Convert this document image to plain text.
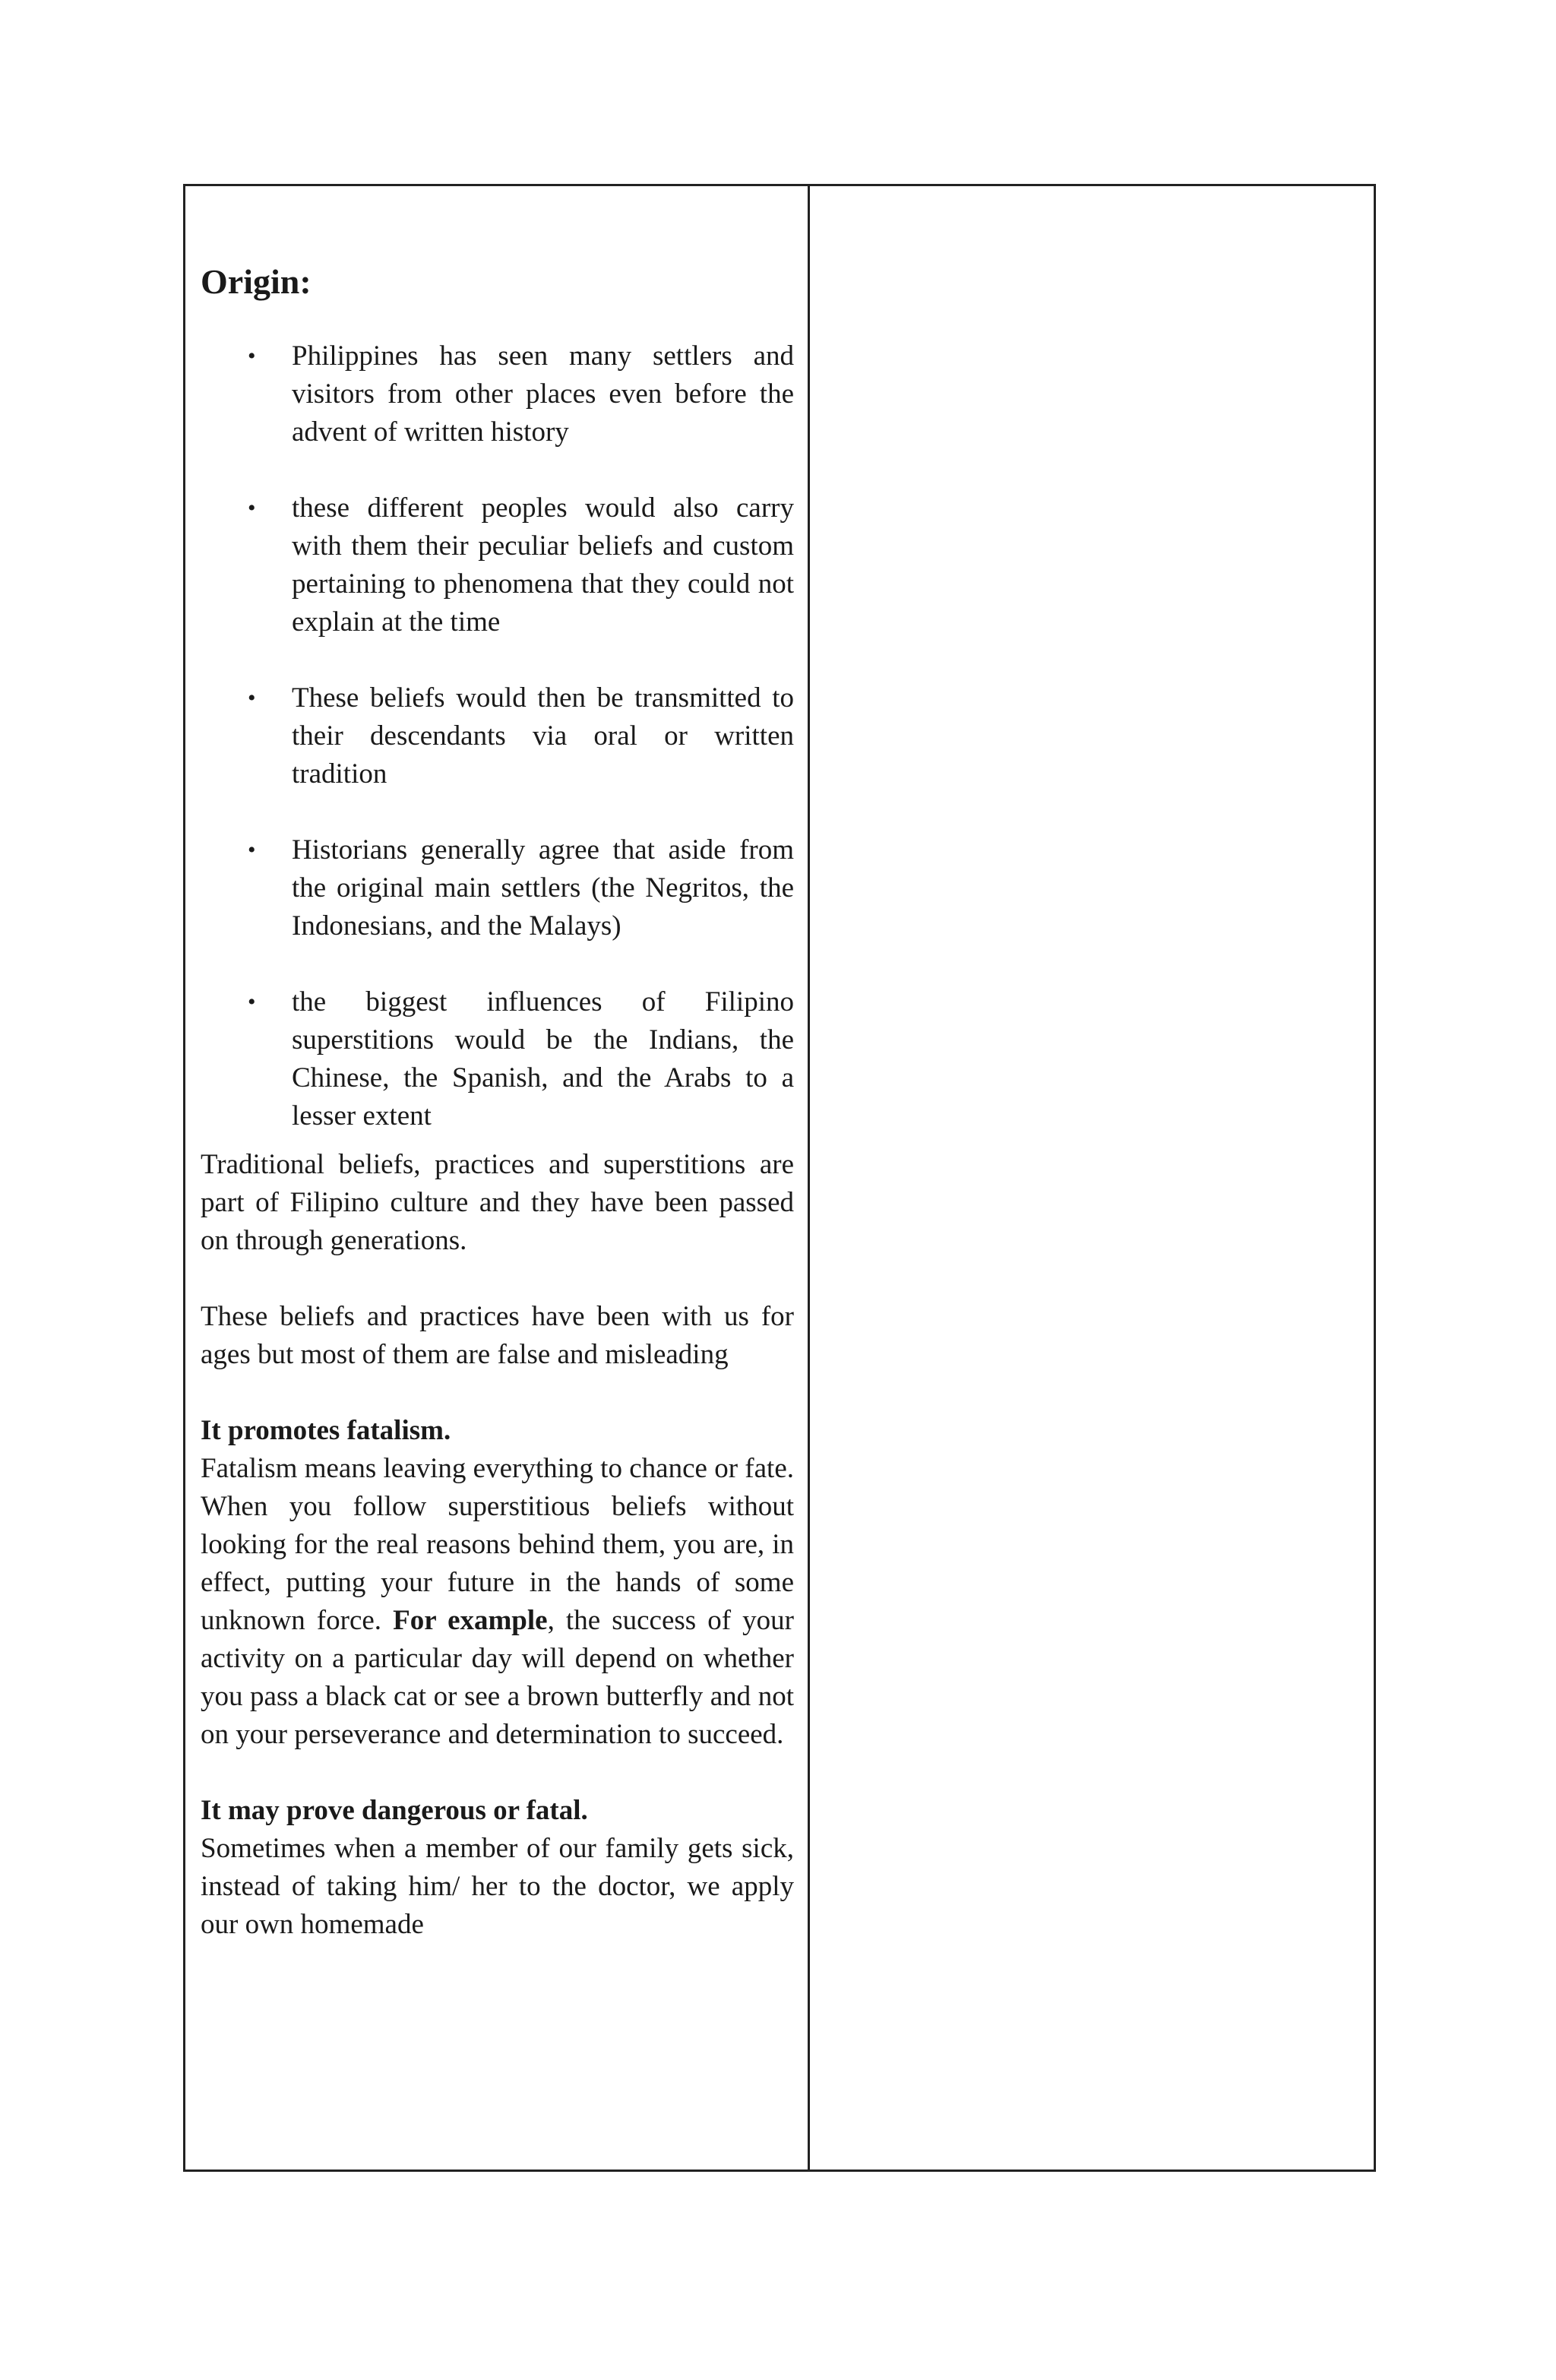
Origin:
• Philippines has seen many settlers and visitors from other places even before the advent of written history
• these different peoples would also carry with them their peculiar beliefs and custom pertaining to phenomena that they could not explain at the time
• These beliefs would then be transmitted to their descendants via oral or written tradition
• Historians generally agree that aside from the original main settlers (the Negritos, the Indonesians, and the Malays)
• the biggest influences of Filipino superstitions would be the Indians, the Chinese, the Spanish, and the Arabs to a lesser extent

Traditional beliefs, practices and superstitions are part of Filipino culture and they have been passed on through generations.

These beliefs and practices have been with us for ages but most of them are false and misleading

It promotes fatalism.

Fatalism means leaving everything to chance or fate. When you follow superstitious beliefs without looking for the real reasons behind them, you are, in effect, putting your future in the hands of some unknown force. For example, the success of your activity on a particular day will depend on whether you pass a black cat or see a brown butterfly and not on your perseverance and determination to succeed.

It may prove dangerous or fatal.

Sometimes when a member of our family gets sick, instead of taking him/ her to the doctor, we apply our own homemade
